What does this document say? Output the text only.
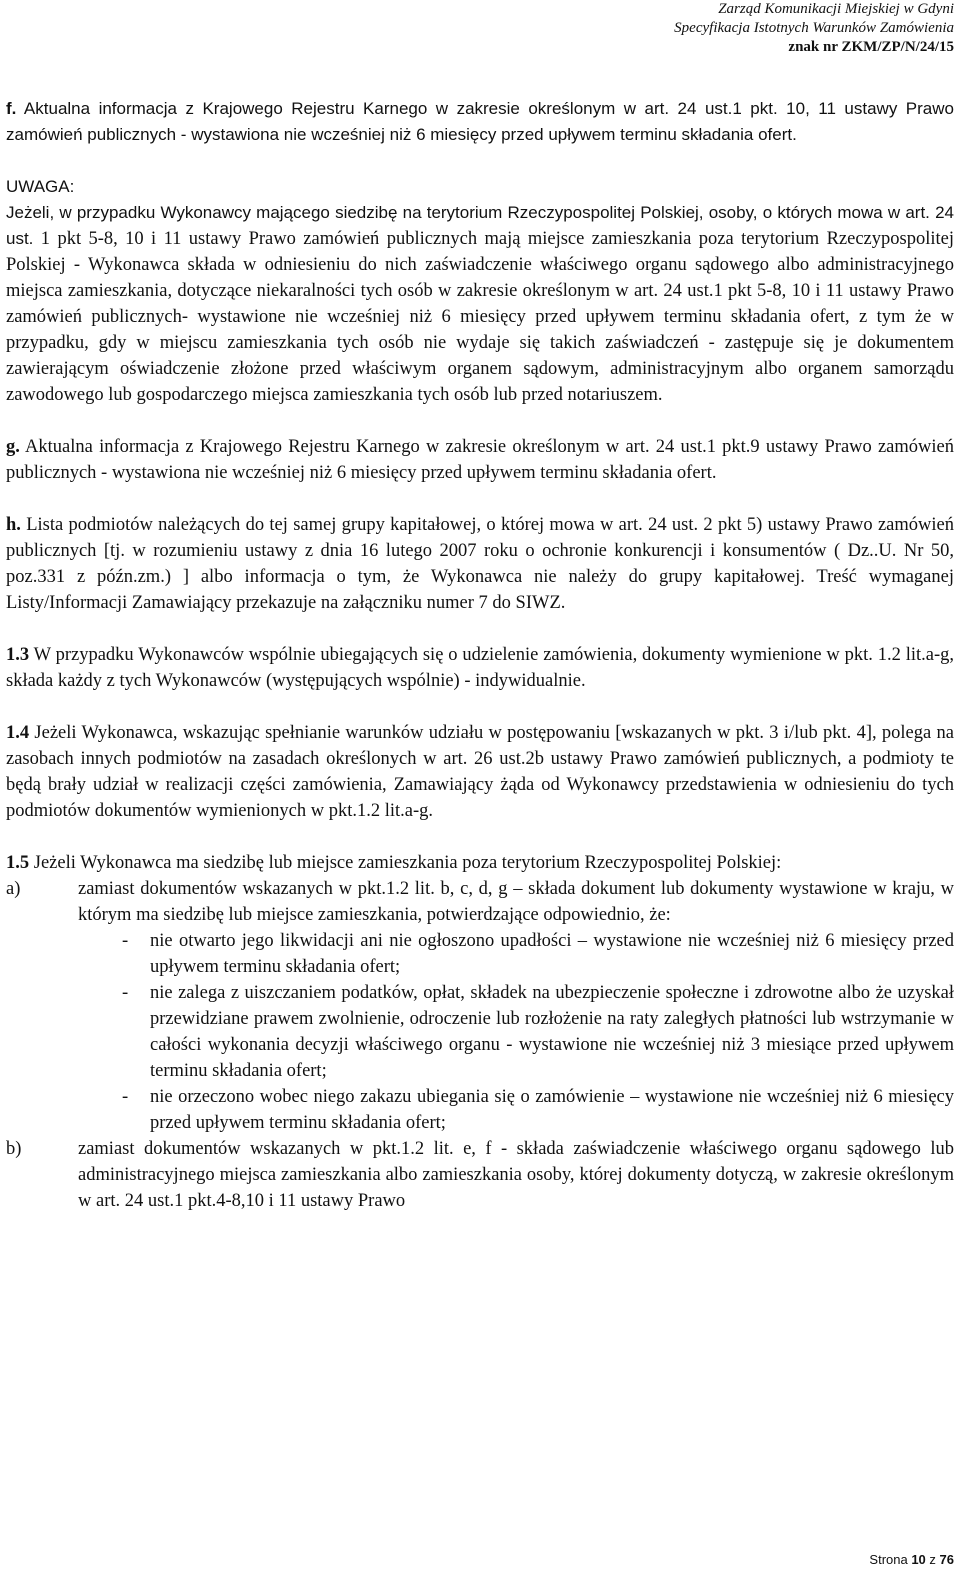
Zarząd Komunikacji Miejskiej w Gdyni
Specyfikacja Istotnych Warunków Zamówienia
znak nr ZKM/ZP/N/24/15

f. Aktualna informacja z Krajowego Rejestru Karnego w zakresie określonym w art. 24 ust.1 pkt. 10, 11 ustawy Prawo zamówień publicznych - wystawiona nie wcześniej niż 6 miesięcy przed upływem terminu składania ofert.

UWAGA:

Jeżeli, w przypadku Wykonawcy mającego siedzibę na terytorium Rzeczypospolitej Polskiej, osoby, o których mowa w art. 24 ust. 1 pkt 5-8, 10 i 11 ustawy Prawo zamówień publicznych mają miejsce zamieszkania poza terytorium Rzeczypospolitej Polskiej - Wykonawca składa w odniesieniu do nich zaświadczenie właściwego organu sądowego albo administracyjnego miejsca zamieszkania, dotyczące niekaralności tych osób w zakresie określonym w art. 24 ust.1 pkt 5-8, 10 i 11 ustawy Prawo zamówień publicznych- wystawione nie wcześniej niż 6 miesięcy przed upływem terminu składania ofert, z tym że w przypadku, gdy w miejscu zamieszkania tych osób nie wydaje się takich zaświadczeń - zastępuje się je dokumentem zawierającym oświadczenie złożone przed właściwym organem sądowym, administracyjnym albo organem samorządu zawodowego lub gospodarczego miejsca zamieszkania tych osób lub przed notariuszem.

g. Aktualna informacja z Krajowego Rejestru Karnego w zakresie określonym w art. 24 ust.1 pkt.9 ustawy Prawo zamówień publicznych - wystawiona nie wcześniej niż 6 miesięcy przed upływem terminu składania ofert.

h. Lista podmiotów należących do tej samej grupy kapitałowej, o której mowa w art. 24 ust. 2 pkt 5) ustawy Prawo zamówień publicznych [tj. w rozumieniu ustawy z dnia 16 lutego 2007 roku o ochronie konkurencji i konsumentów ( Dz..U. Nr 50, poz.331 z późn.zm.) ] albo informacja o tym, że Wykonawca nie należy do grupy kapitałowej. Treść wymaganej Listy/Informacji Zamawiający przekazuje na załączniku numer 7 do SIWZ.

1.3 W przypadku Wykonawców wspólnie ubiegających się o udzielenie zamówienia, dokumenty wymienione w pkt. 1.2 lit.a-g, składa każdy z tych Wykonawców (występujących wspólnie) - indywidualnie.

1.4 Jeżeli Wykonawca, wskazując spełnianie warunków udziału w postępowaniu [wskazanych w pkt. 3 i/lub pkt. 4], polega na zasobach innych podmiotów na zasadach określonych w art. 26 ust.2b ustawy Prawo zamówień publicznych, a podmioty te będą brały udział w realizacji części zamówienia, Zamawiający żąda od Wykonawcy przedstawienia w odniesieniu do tych podmiotów dokumentów wymienionych w pkt.1.2 lit.a-g.

1.5 Jeżeli Wykonawca ma siedzibę lub miejsce zamieszkania poza terytorium Rzeczypospolitej Polskiej:

a)	zamiast dokumentów wskazanych w pkt.1.2 lit. b, c, d, g – składa dokument lub dokumenty wystawione w kraju, w którym ma siedzibę lub miejsce zamieszkania, potwierdzające odpowiednio, że:
-	nie otwarto jego likwidacji ani nie ogłoszono upadłości – wystawione nie wcześniej niż 6 miesięcy przed upływem terminu składania ofert;
-	nie zalega z uiszczaniem podatków, opłat, składek na ubezpieczenie społeczne i zdrowotne albo że uzyskał przewidziane prawem zwolnienie, odroczenie lub rozłożenie na raty zaległych płatności lub wstrzymanie w całości wykonania decyzji właściwego organu - wystawione nie wcześniej niż 3 miesiące przed upływem terminu składania ofert;
-	nie orzeczono wobec niego zakazu ubiegania się o zamówienie – wystawione nie wcześniej niż 6 miesięcy przed upływem terminu składania ofert;
b)	zamiast dokumentów wskazanych w pkt.1.2 lit. e, f - składa zaświadczenie właściwego organu sądowego lub administracyjnego miejsca zamieszkania albo zamieszkania osoby, której dokumenty dotyczą, w zakresie określonym w art. 24 ust.1 pkt.4-8,10 i 11 ustawy Prawo
Strona 10 z 76
